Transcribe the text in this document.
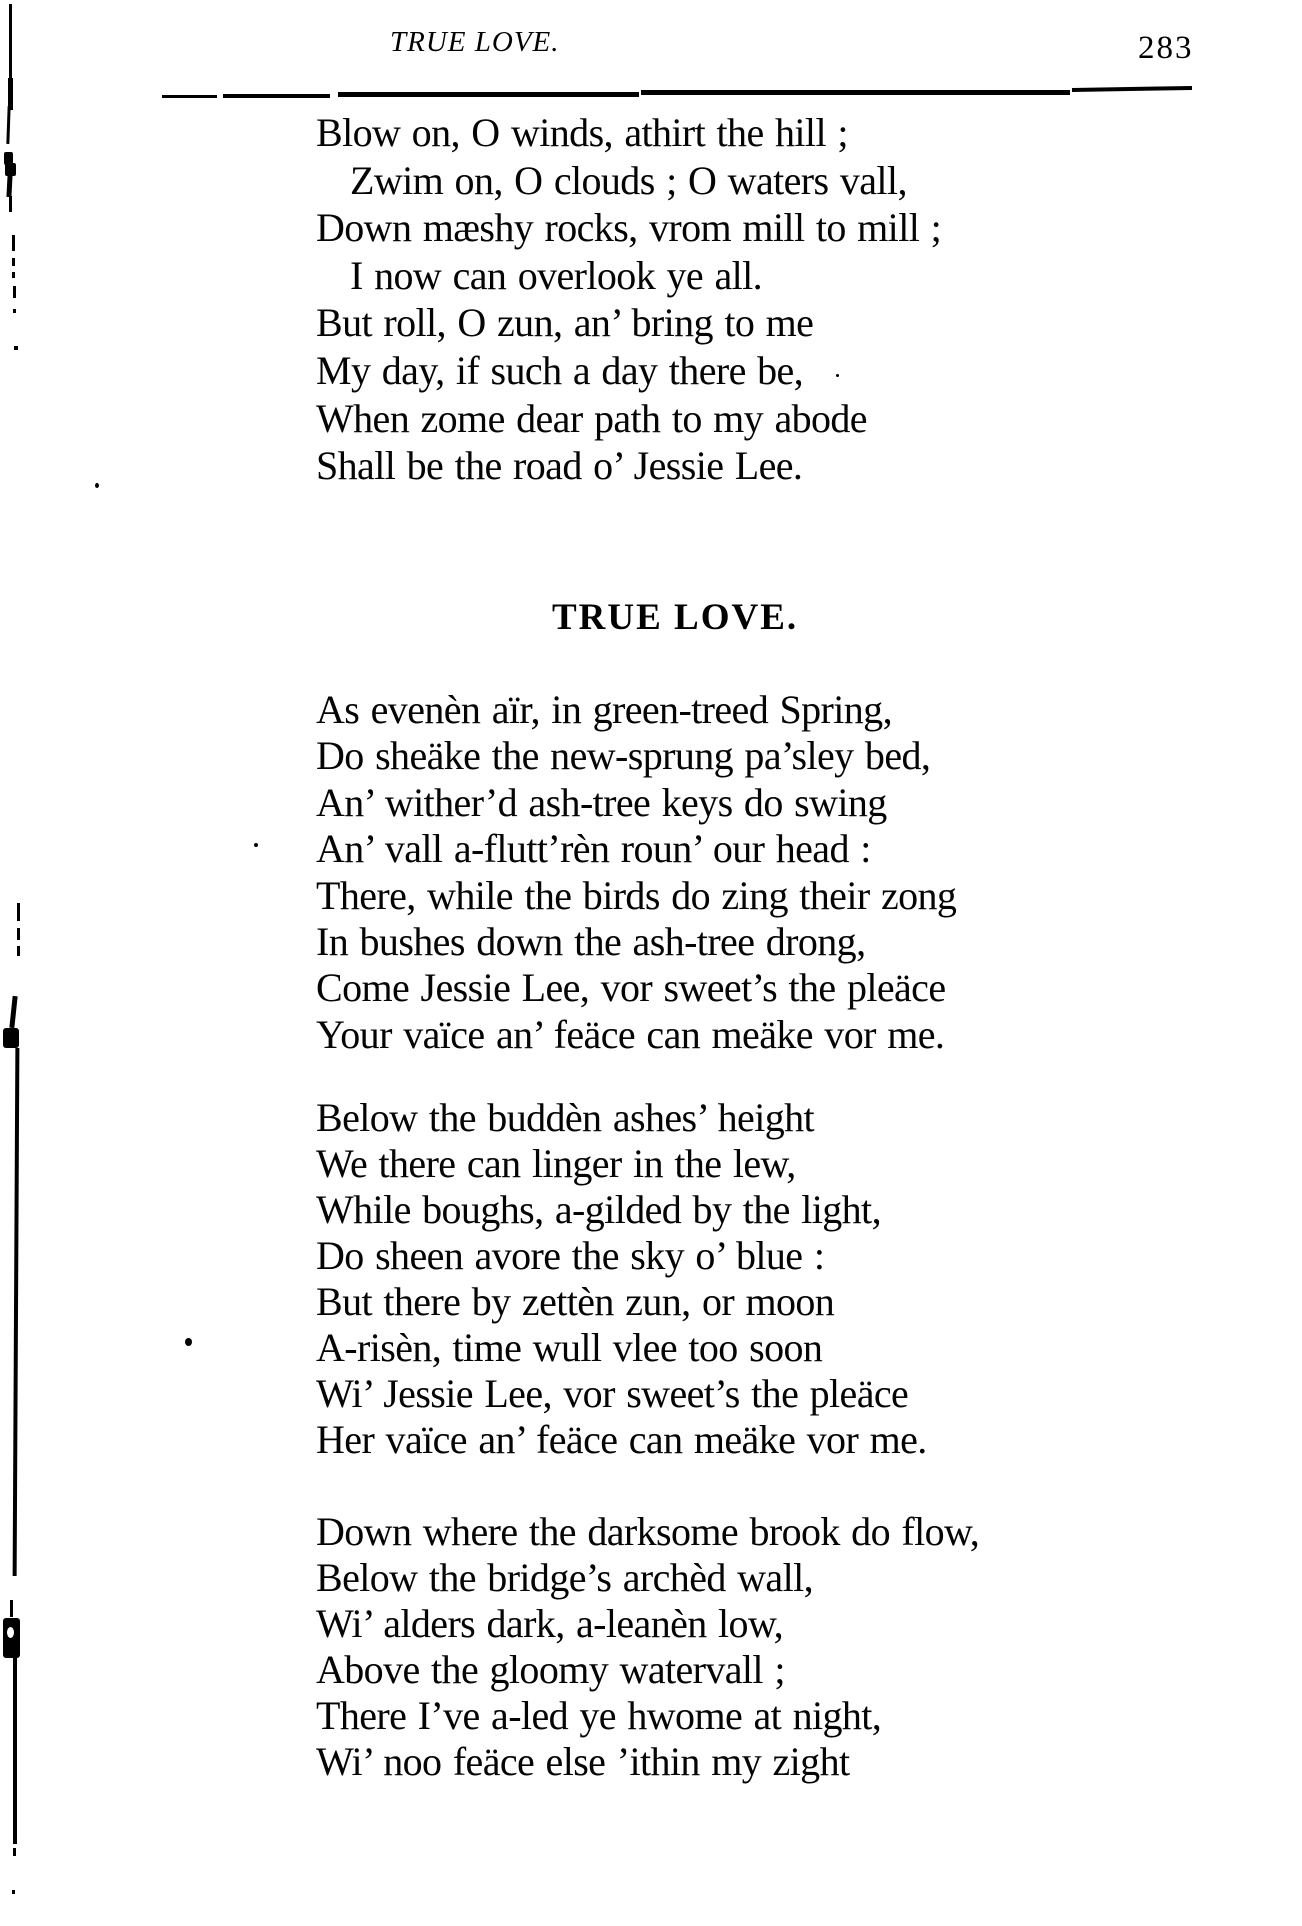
TRUE LOVE.	283
Blow on, O winds, athirt the hill ;
Zwim on, O clouds ; O waters vall,
Down mæshy rocks, vrom mill to mill ;
I now can overlook ye all.
But roll, O zun, an’ bring to me
My day, if such a day there be,
When zome dear path to my abode
Shall be the road o’ Jessie Lee.
TRUE LOVE.
As evenèn aïr, in green-treed Spring,
Do sheäke the new-sprung pa’sley bed,
An’ wither’d ash-tree keys do swing
An’ vall a-flutt’rèn roun’ our head :
There, while the birds do zing their zong
In bushes down the ash-tree drong,
Come Jessie Lee, vor sweet’s the pleäce
Your vaïce an’ feäce can meäke vor me.
Below the buddèn ashes’ height
We there can linger in the lew,
While boughs, a-gilded by the light,
Do sheen avore the sky o’ blue :
But there by zettèn zun, or moon
A-risèn, time wull vlee too soon
Wi’ Jessie Lee, vor sweet’s the pleäce
Her vaïce an’ feäce can meäke vor me.
Down where the darksome brook do flow,
Below the bridge’s archèd wall,
Wi’ alders dark, a-leanèn low,
Above the gloomy watervall ;
There I’ve a-led ye hwome at night,
Wi’ noo feäce else ’ithin my zight
